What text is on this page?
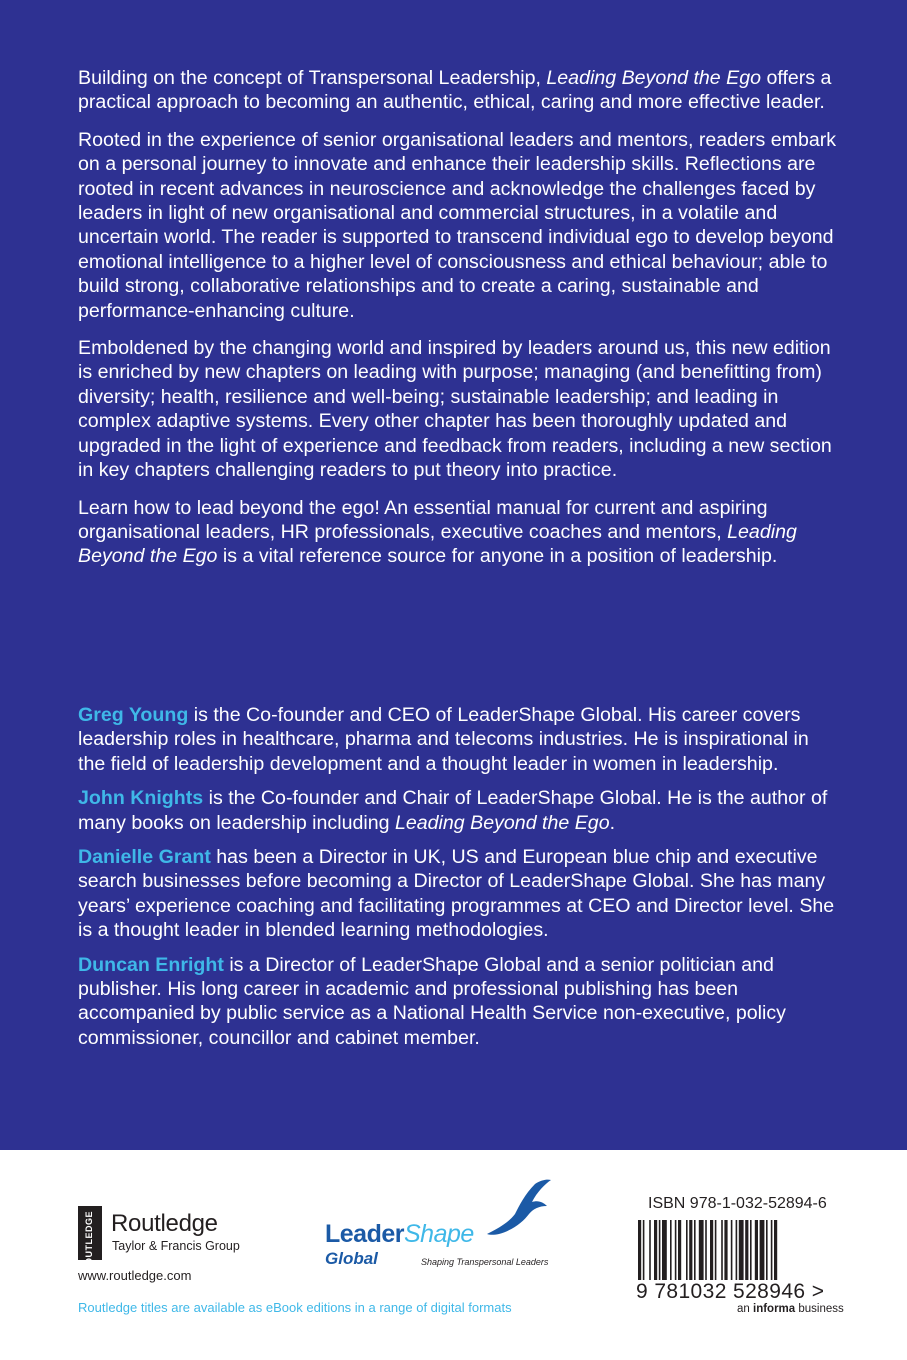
Building on the concept of Transpersonal Leadership, Leading Beyond the Ego offers a practical approach to becoming an authentic, ethical, caring and more effective leader.

Rooted in the experience of senior organisational leaders and mentors, readers embark on a personal journey to innovate and enhance their leadership skills. Reflections are rooted in recent advances in neuroscience and acknowledge the challenges faced by leaders in light of new organisational and commercial structures, in a volatile and uncertain world. The reader is supported to transcend individual ego to develop beyond emotional intelligence to a higher level of consciousness and ethical behaviour; able to build strong, collaborative relationships and to create a caring, sustainable and performance-enhancing culture.

Emboldened by the changing world and inspired by leaders around us, this new edition is enriched by new chapters on leading with purpose; managing (and benefitting from) diversity; health, resilience and well-being; sustainable leadership; and leading in complex adaptive systems. Every other chapter has been thoroughly updated and upgraded in the light of experience and feedback from readers, including a new section in key chapters challenging readers to put theory into practice.

Learn how to lead beyond the ego! An essential manual for current and aspiring organisational leaders, HR professionals, executive coaches and mentors, Leading Beyond the Ego is a vital reference source for anyone in a position of leadership.

Greg Young is the Co-founder and CEO of LeaderShape Global. His career covers leadership roles in healthcare, pharma and telecoms industries. He is inspirational in the field of leadership development and a thought leader in women in leadership.

John Knights is the Co-founder and Chair of LeaderShape Global. He is the author of many books on leadership including Leading Beyond the Ego.

Danielle Grant has been a Director in UK, US and European blue chip and executive search businesses before becoming a Director of LeaderShape Global. She has many years’ experience coaching and facilitating programmes at CEO and Director level. She is a thought leader in blended learning methodologies.

Duncan Enright is a Director of LeaderShape Global and a senior politician and publisher. His long career in academic and professional publishing has been accompanied by public service as a National Health Service non-executive, policy commissioner, councillor and cabinet member.

ROUTLEDGE Routledge
Taylor & Francis Group
www.routledge.com
Routledge titles are available as eBook editions in a range of digital formats
LeaderShape
Global	Shaping Transpersonal Leaders
ISBN 978-1-032-52894-6
9 781032 528946 >
an informa business
